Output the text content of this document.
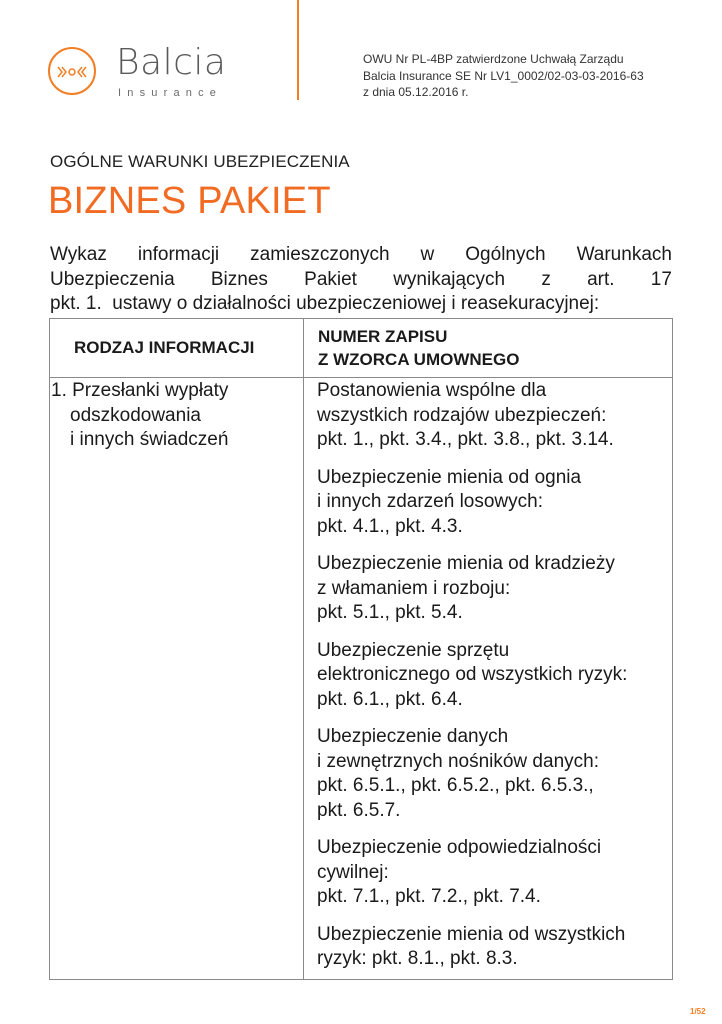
Balcia
Insurance
OWU Nr PL-4BP zatwierdzone Uchwałą Zarządu
Balcia Insurance SE Nr LV1_0002/02-03-03-2016-63
z dnia 05.12.2016 r.
OGÓLNE WARUNKI UBEZPIECZENIA
BIZNES PAKIET
Wykaz informacji zamieszczonych w Ogólnych Warunkach
Ubezpieczenia Biznes Pakiet wynikających z art. 17
pkt. 1.  ustawy o działalności ubezpieczeniowej i reasekuracyjnej:
RODZAJ INFORMACJI
NUMER ZAPISU
Z WZORCA UMOWNEGO
1. Przesłanki wypłaty
odszkodowania
i innych świadczeń
Postanowienia wspólne dla
wszystkich rodzajów ubezpieczeń:
pkt. 1., pkt. 3.4., pkt. 3.8., pkt. 3.14.
Ubezpieczenie mienia od ognia
i innych zdarzeń losowych:
pkt. 4.1., pkt. 4.3.
Ubezpieczenie mienia od kradzieży
z włamaniem i rozboju:
pkt. 5.1., pkt. 5.4.
Ubezpieczenie sprzętu
elektronicznego od wszystkich ryzyk:
pkt. 6.1., pkt. 6.4.
Ubezpieczenie danych
i zewnętrznych nośników danych:
pkt. 6.5.1., pkt. 6.5.2., pkt. 6.5.3.,
pkt. 6.5.7.
Ubezpieczenie odpowiedzialności
cywilnej:
pkt. 7.1., pkt. 7.2., pkt. 7.4.
Ubezpieczenie mienia od wszystkich
ryzyk: pkt. 8.1., pkt. 8.3.
1/52
